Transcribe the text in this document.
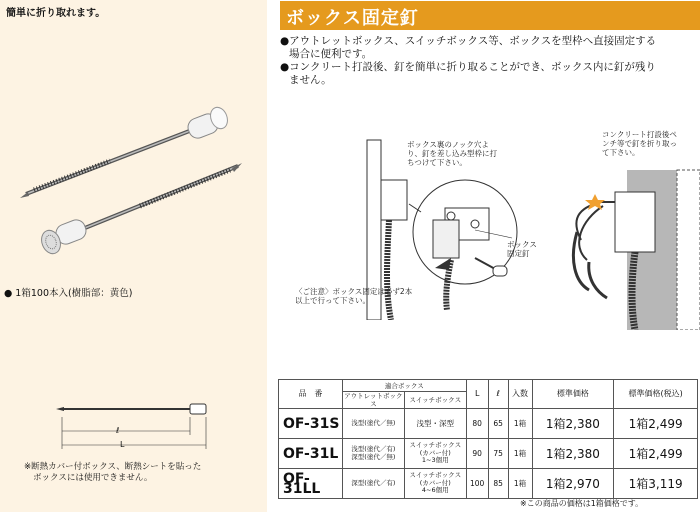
簡単に折り取れます。
● 1箱100本入(樹脂部：黄色)
ℓ
L
※断熱カバー付ボックス、断熱シートを貼った
ボックスには使用できません。
ボックス固定釘
●アウトレットボックス、スイッチボックス等、ボックスを型枠へ直接固定する
場合に便利です。
●コンクリート打設後、釘を簡単に折り取ることができ、ボックス内に釘が残り
ません。
ボックス裏のノック穴よ
り、釘を差し込み型枠に打
ちつけて下さい。
ボックス
固定釘
コンクリート打設後ペ
ンチ等で釘を折り取っ
て下さい。
〈ご注意〉ボックス固定は必ず2本
以上で行って下さい。
品　番	適合ボックス		L	ℓ	入数	標準価格	標準価格(税込)
	アウトレットボックス	スイッチボックス					
OF-31S	浅型(塗代／無)	浅型・深型	80	65	1箱	1箱2,380	1箱2,499
OF-31L	浅型(塗代／有)
深型(塗代／無)	スイッチボックス
(カバー付)
1~3個用	90	75	1箱	1箱2,380	1箱2,499
OF-31LL	深型(塗代／有)	スイッチボックス
(カバー付)
4~6個用	100	85	1箱	1箱2,970	1箱3,119
※この商品の価格は1箱価格です。
